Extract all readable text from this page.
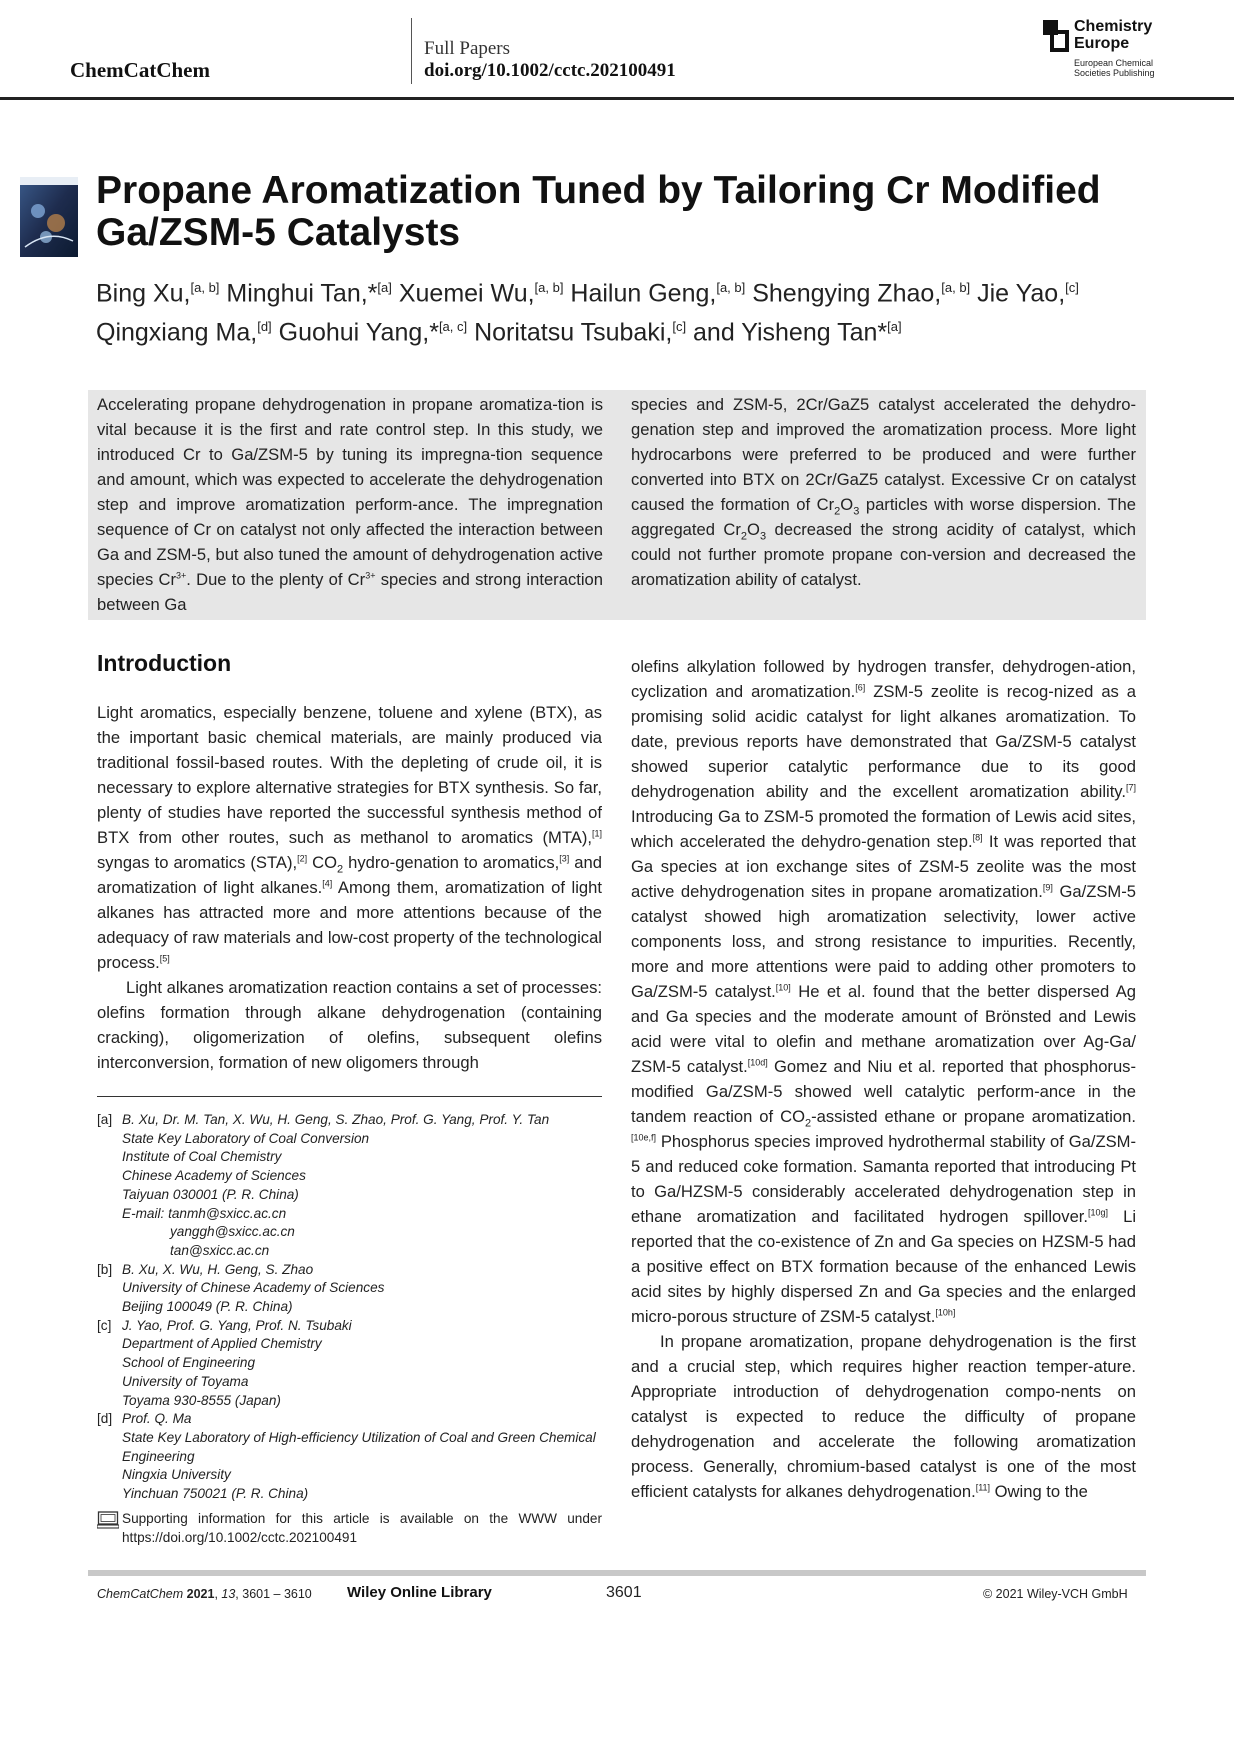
ChemCatChem
Full Papers
doi.org/10.1002/cctc.202100491
Chemistry
Europe
European Chemical
Societies Publishing
Propane Aromatization Tuned by Tailoring Cr Modified
Ga/ZSM-5 Catalysts
Bing Xu,[a, b] Minghui Tan,*[a] Xuemei Wu,[a, b] Hailun Geng,[a, b] Shengying Zhao,[a, b] Jie Yao,[c]
Qingxiang Ma,[d] Guohui Yang,*[a, c] Noritatsu Tsubaki,[c] and Yisheng Tan*[a]
Accelerating propane dehydrogenation in propane aromatiza-tion is vital because it is the first and rate control step. In this study, we introduced Cr to Ga/ZSM-5 by tuning its impregna-tion sequence and amount, which was expected to accelerate the dehydrogenation step and improve aromatization perform-ance. The impregnation sequence of Cr on catalyst not only affected the interaction between Ga and ZSM-5, but also tuned the amount of dehydrogenation active species $Cr^{3+}$. Due to the plenty of $Cr^{3+}$ species and strong interaction between Ga
species and ZSM-5, 2Cr/GaZ5 catalyst accelerated the dehydro-genation step and improved the aromatization process. More light hydrocarbons were preferred to be produced and were further converted into BTX on 2Cr/GaZ5 catalyst. Excessive Cr on catalyst caused the formation of $Cr_2O_3$ particles with worse dispersion. The aggregated $Cr_2O_3$ decreased the strong acidity of catalyst, which could not further promote propane con-version and decreased the aromatization ability of catalyst.
Introduction

Light aromatics, especially benzene, toluene and xylene (BTX), as the important basic chemical materials, are mainly produced via traditional fossil-based routes. With the depleting of crude oil, it is necessary to explore alternative strategies for BTX synthesis. So far, plenty of studies have reported the successful synthesis method of BTX from other routes, such as methanol to aromatics (MTA),[1] syngas to aromatics (STA),[2] $CO_2$ hydro-genation to aromatics,[3] and aromatization of light alkanes.[4] Among them, aromatization of light alkanes has attracted more and more attentions because of the adequacy of raw materials and low-cost property of the technological process.[5]

Light alkanes aromatization reaction contains a set of processes: olefins formation through alkane dehydrogenation (containing cracking), oligomerization of olefins, subsequent olefins interconversion, formation of new oligomers through

olefins alkylation followed by hydrogen transfer, dehydrogen-ation, cyclization and aromatization.[6] ZSM-5 zeolite is recog-nized as a promising solid acidic catalyst for light alkanes aromatization. To date, previous reports have demonstrated that Ga/ZSM-5 catalyst showed superior catalytic performance due to its good dehydrogenation ability and the excellent aromatization ability.[7] Introducing Ga to ZSM-5 promoted the formation of Lewis acid sites, which accelerated the dehydro-genation step.[8] It was reported that Ga species at ion exchange sites of ZSM-5 zeolite was the most active dehydrogenation sites in propane aromatization.[9] Ga/ZSM-5 catalyst showed high aromatization selectivity, lower active components loss, and strong resistance to impurities. Recently, more and more attentions were paid to adding other promoters to Ga/ZSM-5 catalyst.[10] He et al. found that the better dispersed Ag and Ga species and the moderate amount of Brönsted and Lewis acid were vital to olefin and methane aromatization over Ag-Ga/ ZSM-5 catalyst.[10d] Gomez and Niu et al. reported that phosphorus-modified Ga/ZSM-5 showed well catalytic perform-ance in the tandem reaction of $CO_2$-assisted ethane or propane aromatization.[10e,f] Phosphorus species improved hydrothermal stability of Ga/ZSM-5 and reduced coke formation. Samanta reported that introducing Pt to Ga/HZSM-5 considerably accelerated dehydrogenation step in ethane aromatization and facilitated hydrogen spillover.[10g] Li reported that the co-existence of Zn and Ga species on HZSM-5 had a positive effect on BTX formation because of the enhanced Lewis acid sites by highly dispersed Zn and Ga species and the enlarged micro-porous structure of ZSM-5 catalyst.[10h]

In propane aromatization, propane dehydrogenation is the first and a crucial step, which requires higher reaction temper-ature. Appropriate introduction of dehydrogenation compo-nents on catalyst is expected to reduce the difficulty of propane dehydrogenation and accelerate the following aromatization process. Generally, chromium-based catalyst is one of the most efficient catalysts for alkanes dehydrogenation.[11] Owing to the

[a] B. Xu, Dr. M. Tan, X. Wu, H. Geng, S. Zhao, Prof. G. Yang, Prof. Y. Tan
State Key Laboratory of Coal Conversion
Institute of Coal Chemistry
Chinese Academy of Sciences
Taiyuan 030001 (P. R. China)
E-mail: tanmh@sxicc.ac.cn
yanggh@sxicc.ac.cn
tan@sxicc.ac.cn
[b] B. Xu, X. Wu, H. Geng, S. Zhao
University of Chinese Academy of Sciences
Beijing 100049 (P. R. China)
[c] J. Yao, Prof. G. Yang, Prof. N. Tsubaki
Department of Applied Chemistry
School of Engineering
University of Toyama
Toyama 930-8555 (Japan)
[d] Prof. Q. Ma
State Key Laboratory of High-efficiency Utilization of Coal and Green Chemical Engineering
Ningxia University
Yinchuan 750021 (P. R. China)
Supporting information for this article is available on the WWW under https://doi.org/10.1002/cctc.202100491
ChemCatChem 2021, 13, 3601 – 3610 Wiley Online Library	3601	© 2021 Wiley-VCH GmbH
